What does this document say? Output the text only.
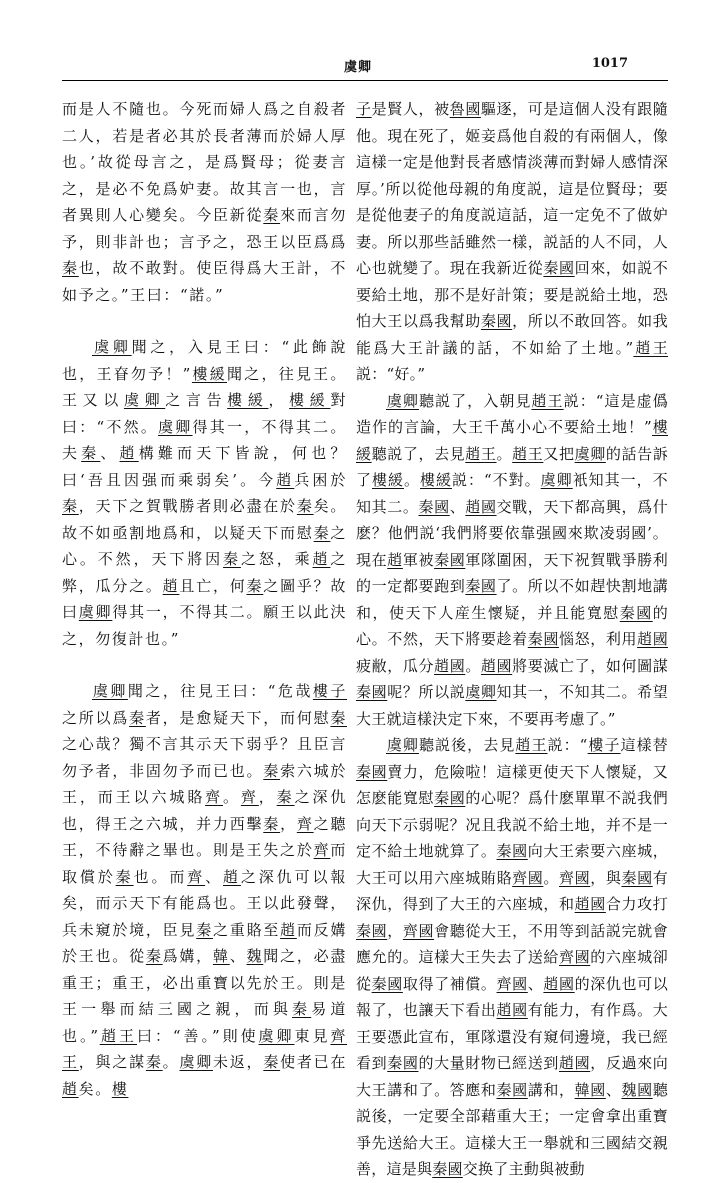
虞卿	1017

而是人不隨也。今死而婦人爲之自殺者二人，若是者必其於長者薄而於婦人厚也。’故從母言之，是爲賢母；從妻言之，是必不免爲妒妻。故其言一也，言者異則人心變矣。今臣新從秦來而言勿予，則非計也；言予之，恐王以臣爲爲秦也，故不敢對。使臣得爲大王計，不如予之。”王曰：“諾。”

虞卿聞之，入見王曰：“此飾說也，王眘勿予！”樓緩聞之，往見王。王又以虞卿之言告樓緩，樓緩對曰：“不然。虞卿得其一，不得其二。夫秦、趙構難而天下皆說，何也？曰‘吾且因强而乘弱矣’。今趙兵困於秦，天下之賀戰勝者則必盡在於秦矣。故不如亟割地爲和，以疑天下而慰秦之心。不然，天下將因秦之怒，乘趙之弊，瓜分之。趙且亡，何秦之圖乎？故曰虞卿得其一，不得其二。願王以此決之，勿復計也。”

虞卿聞之，往見王曰：“危哉樓子之所以爲秦者，是愈疑天下，而何慰秦之心哉？獨不言其示天下弱乎？且臣言勿予者，非固勿予而已也。秦索六城於王，而王以六城賂齊。齊，秦之深仇也，得王之六城，并力西擊秦，齊之聽王，不待辭之畢也。則是王失之於齊而取償於秦也。而齊、趙之深仇可以報矣，而示天下有能爲也。王以此發聲，兵未窺於境，臣見秦之重賂至趙而反媾於王也。從秦爲媾，韓、魏聞之，必盡重王；重王，必出重寶以先於王。則是王一舉而結三國之親，而與秦易道也。”趙王曰：“善。”則使虞卿東見齊王，與之謀秦。虞卿未返，秦使者已在趙矣。樓

子是賢人，被魯國驅逐，可是這個人没有跟隨他。現在死了，姬妾爲他自殺的有兩個人，像這樣一定是他對長者感情淡薄而對婦人感情深厚。’所以從他母親的角度説，這是位賢母；要是從他妻子的角度説這話，這一定免不了做妒妻。所以那些話雖然一樣，説話的人不同，人心也就變了。現在我新近從秦國回來，如説不要給土地，那不是好計策；要是説給土地，恐怕大王以爲我幫助秦國，所以不敢回答。如我能爲大王計議的話，不如給了土地。”趙王説：“好。”

虞卿聽説了，入朝見趙王説：“這是虚僞造作的言論，大王千萬小心不要給土地！”樓緩聽説了，去見趙王。趙王又把虞卿的話告訴了樓緩。樓緩説：“不對。虞卿衹知其一，不知其二。秦國、趙國交戰，天下都高興，爲什麽？他們説‘我們將要依靠强國來欺凌弱國’。現在趙軍被秦國軍隊圍困，天下祝賀戰爭勝利的一定都要跑到秦國了。所以不如趕快割地講和，使天下人産生懷疑，并且能寬慰秦國的心。不然，天下將要趁着秦國惱怒，利用趙國疲敝，瓜分趙國。趙國將要滅亡了，如何圖謀秦國呢？所以説虞卿知其一，不知其二。希望大王就這樣決定下來，不要再考慮了。”

虞卿聽説後，去見趙王説：“樓子這樣替秦國賣力，危險啦！這樣更使天下人懷疑，又怎麽能寬慰秦國的心呢？爲什麽單單不説我們向天下示弱呢？况且我説不給土地，并不是一定不給土地就算了。秦國向大王索要六座城，大王可以用六座城賄賂齊國。齊國，與秦國有深仇，得到了大王的六座城，和趙國合力攻打秦國，齊國會聽從大王，不用等到話説完就會應允的。這樣大王失去了送給齊國的六座城卻從秦國取得了補償。齊國、趙國的深仇也可以報了，也讓天下看出趙國有能力，有作爲。大王要憑此宣布，軍隊還没有窺伺邊境，我已經看到秦國的大量財物已經送到趙國，反過來向大王講和了。答應和秦國講和，韓國、魏國聽説後，一定要全部藉重大王；一定會拿出重寶爭先送給大王。這樣大王一舉就和三國結交親善，這是與秦國交换了主動與被動
